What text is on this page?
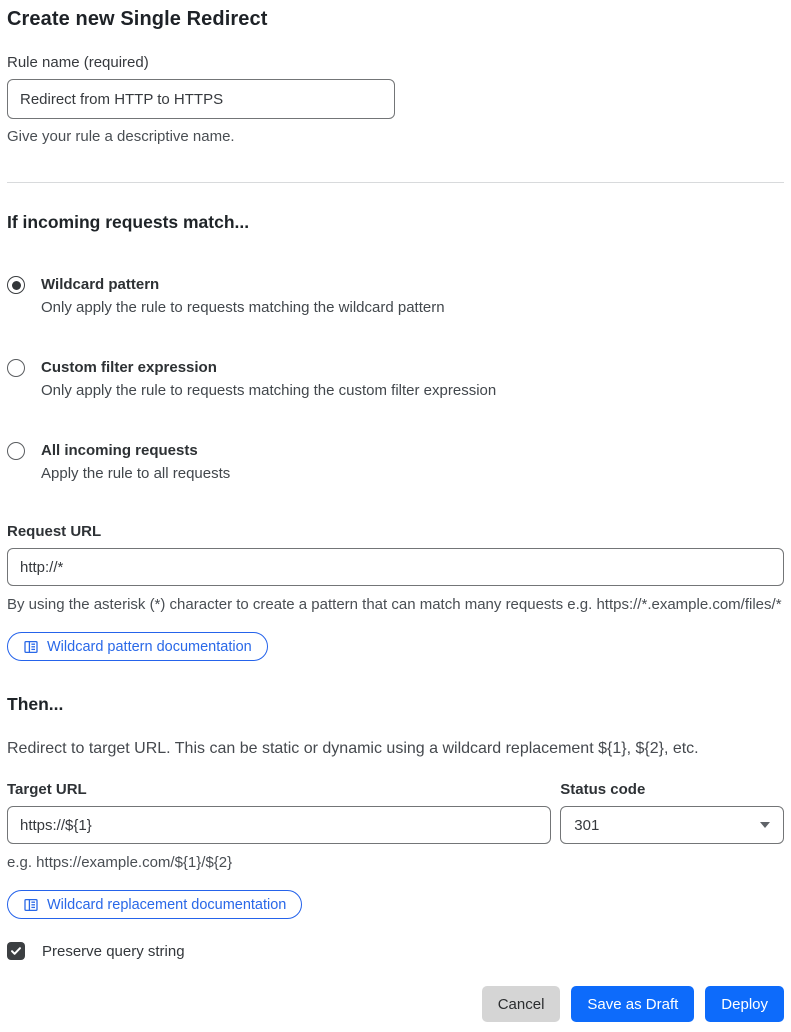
Create new Single Redirect
Rule name (required)
Redirect from HTTP to HTTPS
Give your rule a descriptive name.
If incoming requests match...
Wildcard pattern
Only apply the rule to requests matching the wildcard pattern
Custom filter expression
Only apply the rule to requests matching the custom filter expression
All incoming requests
Apply the rule to all requests
Request URL
http://*
By using the asterisk (*) character to create a pattern that can match many requests e.g. https://*.example.com/files/*
Wildcard pattern documentation
Then...

Redirect to target URL. This can be static or dynamic using a wildcard replacement ${1}, ${2}, etc.

Target URL
https://${1}
e.g. https://example.com/${1}/${2}
Wildcard replacement documentation
Status code
301
Preserve query string
Cancel	Save as Draft	Deploy
